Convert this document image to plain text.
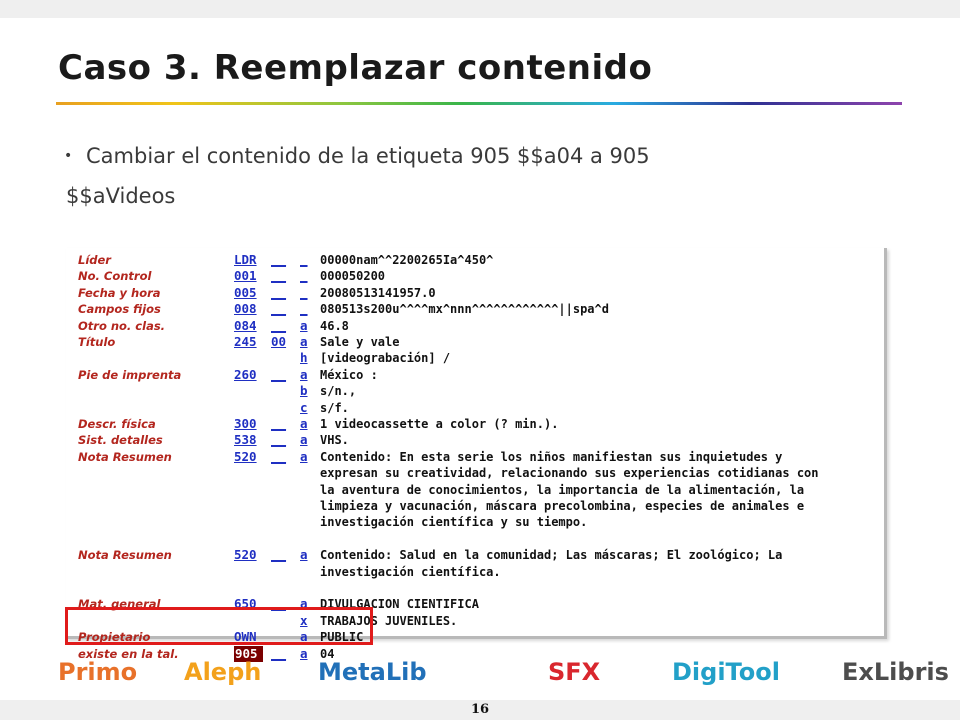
Caso 3. Reemplazar contenido
• Cambiar el contenido de la etiqueta 905 $$a04 a 905
$$aVideos
Líder	LDR	__	_ 00000nam^^2200265Ia^450^
No. Control	001	__	_ 000050200
Fecha y hora	005	__	_ 20080513141957.0
Campos fijos	008	__	_ 080513s200u^^^^mx^nnn^^^^^^^^^^^^||spa^d
Otro no. clas.	084	__	a 46.8
Título	245	00	a Sale y vale
h [videograbación] /
Pie de imprenta	260	__	a México :
b s/n.,
c s/f.
Descr. física	300	__	a 1 videocassette a color (? min.).
Sist. detalles	538	__	a VHS.
Nota Resumen	520	__	a Contenido: En esta serie los niños manifiestan sus inquietudes y
expresan su creatividad, relacionando sus experiencias cotidianas con
la aventura de conocimientos, la importancia de la alimentación, la
limpieza y vacunación, máscara precolombina, especies de animales e
investigación científica y su tiempo.
Nota Resumen	520	__	a Contenido: Salud en la comunidad; Las máscaras; El zoológico; La
investigación científica.
Mat. general	650	__	a DIVULGACION CIENTIFICA
x TRABAJOS JUVENILES.
Propietario	OWN	__	a PUBLIC
existe en la tal.	905	__	a 04
Primo Aleph MetaLib	SFX	DigiTool	ExLibris
16
